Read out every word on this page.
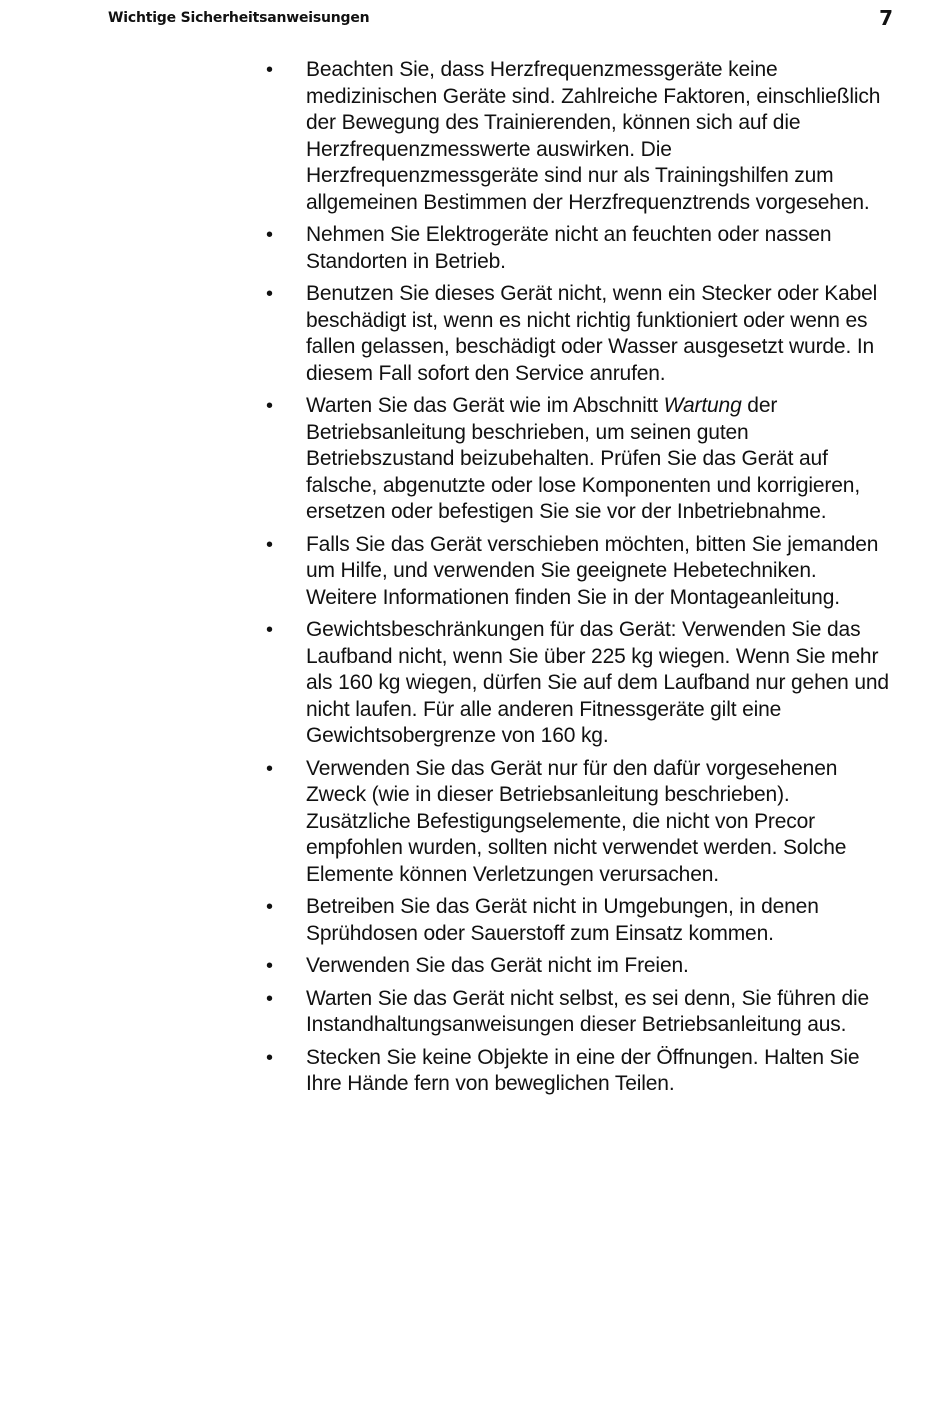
Wichtige Sicherheitsanweisungen	7
• Beachten Sie, dass Herzfrequenzmessgeräte keine medizinischen Geräte sind. Zahlreiche Faktoren, einschließlich der Bewegung des Trainierenden, können sich auf die Herzfrequenzmesswerte auswirken. Die Herzfrequenzmessgeräte sind nur als Trainingshilfen zum allgemeinen Bestimmen der Herzfrequenztrends vorgesehen.
• Nehmen Sie Elektrogeräte nicht an feuchten oder nassen Standorten in Betrieb.
• Benutzen Sie dieses Gerät nicht, wenn ein Stecker oder Kabel beschädigt ist, wenn es nicht richtig funktioniert oder wenn es fallen gelassen, beschädigt oder Wasser ausgesetzt wurde. In diesem Fall sofort den Service anrufen.
• Warten Sie das Gerät wie im Abschnitt Wartung der Betriebsanleitung beschrieben, um seinen guten Betriebszustand beizubehalten. Prüfen Sie das Gerät auf falsche, abgenutzte oder lose Komponenten und korrigieren, ersetzen oder befestigen Sie sie vor der Inbetriebnahme.
• Falls Sie das Gerät verschieben möchten, bitten Sie jemanden um Hilfe, und verwenden Sie geeignete Hebetechniken. Weitere Informationen finden Sie in der Montageanleitung.
• Gewichtsbeschränkungen für das Gerät: Verwenden Sie das Laufband nicht, wenn Sie über 225 kg wiegen. Wenn Sie mehr als 160 kg wiegen, dürfen Sie auf dem Laufband nur gehen und nicht laufen. Für alle anderen Fitnessgeräte gilt eine Gewichtsobergrenze von 160 kg.
• Verwenden Sie das Gerät nur für den dafür vorgesehenen Zweck (wie in dieser Betriebsanleitung beschrieben). Zusätzliche Befestigungselemente, die nicht von Precor empfohlen wurden, sollten nicht verwendet werden. Solche Elemente können Verletzungen verursachen.
• Betreiben Sie das Gerät nicht in Umgebungen, in denen Sprühdosen oder Sauerstoff zum Einsatz kommen.
• Verwenden Sie das Gerät nicht im Freien.
• Warten Sie das Gerät nicht selbst, es sei denn, Sie führen die Instandhaltungsanweisungen dieser Betriebsanleitung aus.
• Stecken Sie keine Objekte in eine der Öffnungen. Halten Sie Ihre Hände fern von beweglichen Teilen.
